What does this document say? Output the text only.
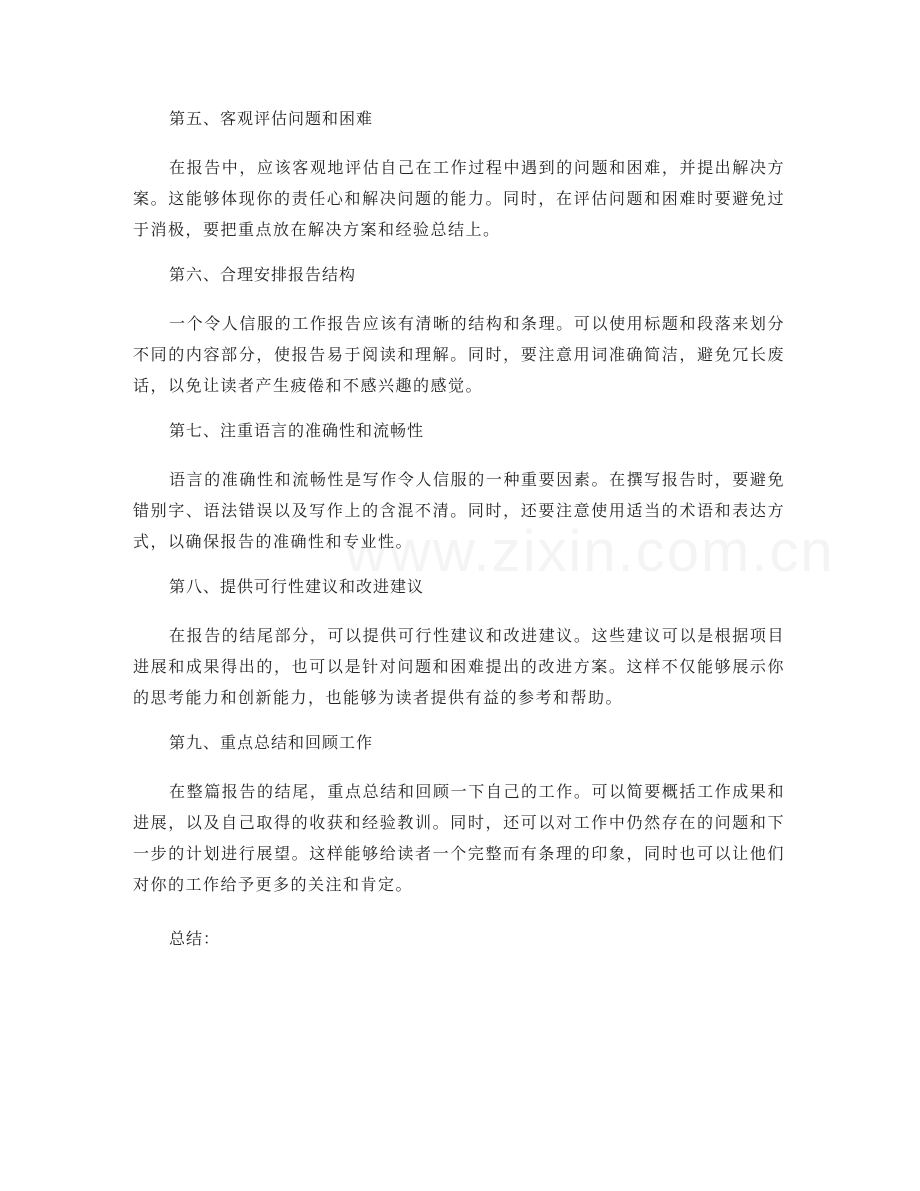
www.zixin.com.cn

第五、客观评估问题和困难

在报告中，应该客观地评估自己在工作过程中遇到的问题和困难，并提出解决方案。这能够体现你的责任心和解决问题的能力。同时，在评估问题和困难时要避免过于消极，要把重点放在解决方案和经验总结上。

第六、合理安排报告结构

一个令人信服的工作报告应该有清晰的结构和条理。可以使用标题和段落来划分不同的内容部分，使报告易于阅读和理解。同时，要注意用词准确简洁，避免冗长废话，以免让读者产生疲倦和不感兴趣的感觉。

第七、注重语言的准确性和流畅性

语言的准确性和流畅性是写作令人信服的一种重要因素。在撰写报告时，要避免错别字、语法错误以及写作上的含混不清。同时，还要注意使用适当的术语和表达方式，以确保报告的准确性和专业性。

第八、提供可行性建议和改进建议

在报告的结尾部分，可以提供可行性建议和改进建议。这些建议可以是根据项目进展和成果得出的，也可以是针对问题和困难提出的改进方案。这样不仅能够展示你的思考能力和创新能力，也能够为读者提供有益的参考和帮助。

第九、重点总结和回顾工作

在整篇报告的结尾，重点总结和回顾一下自己的工作。可以简要概括工作成果和进展，以及自己取得的收获和经验教训。同时，还可以对工作中仍然存在的问题和下一步的计划进行展望。这样能够给读者一个完整而有条理的印象，同时也可以让他们对你的工作给予更多的关注和肯定。

总结：
